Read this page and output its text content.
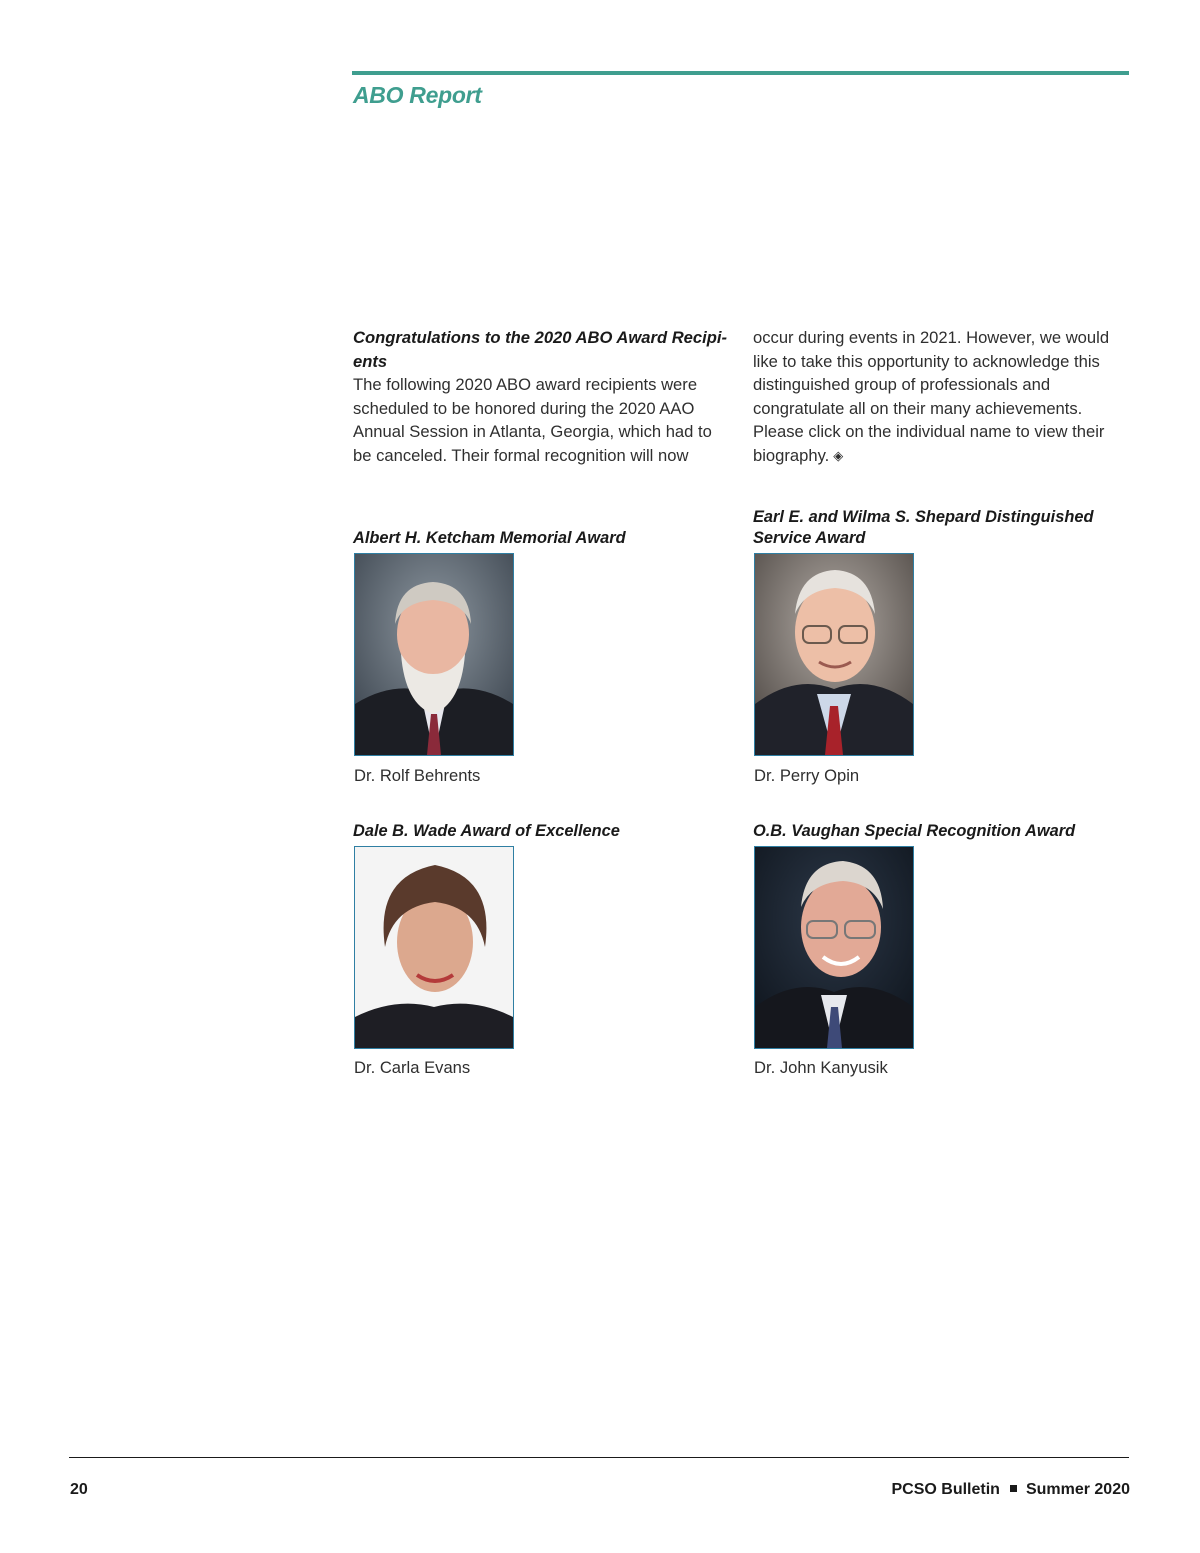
ABO Report
Congratulations to the 2020 ABO Award Recipi-
ents
The following 2020 ABO award recipients were scheduled to be honored during the 2020 AAO Annual Session in Atlanta, Georgia, which had to be canceled. Their formal recognition will now
occur during events in 2021. However, we would like to take this opportunity to acknowledge this distinguished group of professionals and congratulate all on their many achievements. Please click on the individual name to view their biography. ◈
Albert H. Ketcham Memorial Award
Dr. Rolf Behrents
Earl E. and Wilma S. Shepard Distinguished
Service Award
Dr. Perry Opin
Dale B. Wade Award of Excellence
Dr. Carla Evans
O.B. Vaughan Special Recognition Award
Dr. John Kanyusik
20	PCSO Bulletin Summer 2020
